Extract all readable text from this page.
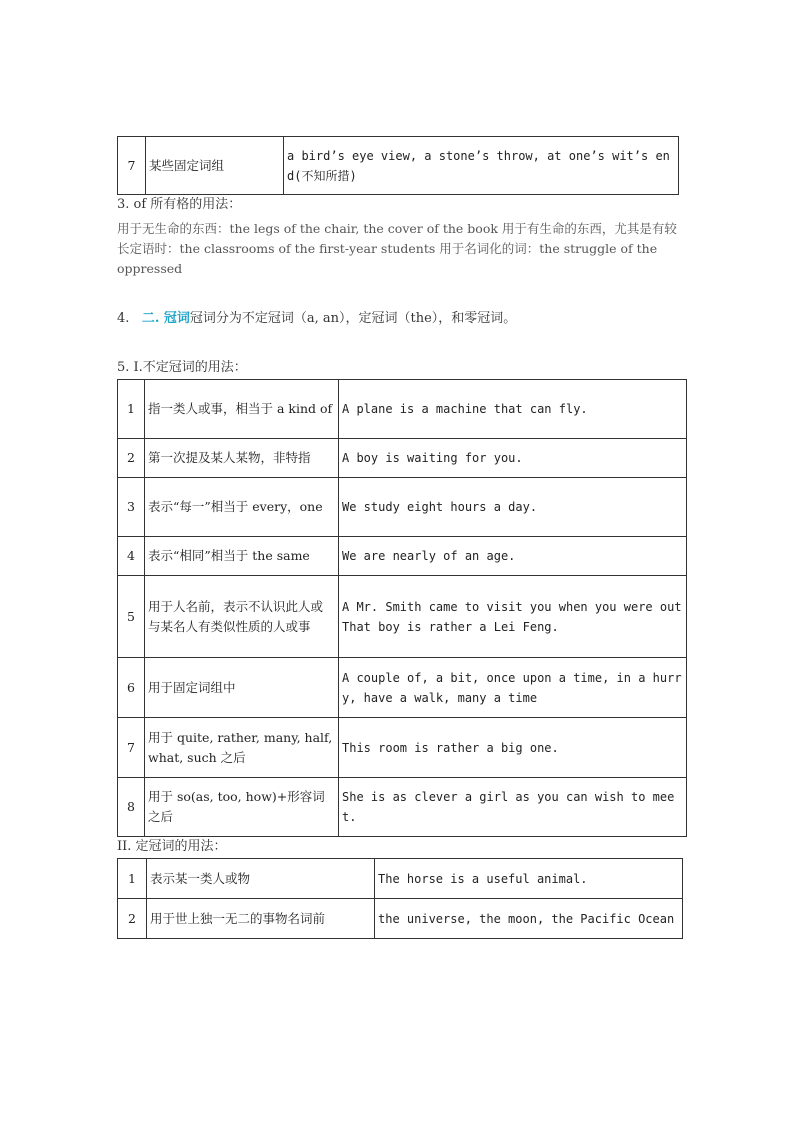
7	某些固定词组	a bird’s eye view, a stone’s throw, at one’s wit’s end(不知所措)
3. of 所有格的用法：
用于无生命的东西：the legs of the chair, the cover of the book 用于有生命的东西，尤其是有较长定语时：the classrooms of the first-year students 用于名词化的词：the struggle of the oppressed
4. 二. 冠词冠词分为不定冠词（a, an），定冠词（the），和零冠词。
5. I.不定冠词的用法：
1	指一类人或事，相当于 a kind of	A plane is a machine that can fly.
2	第一次提及某人某物，非特指	A boy is waiting for you.
3	表示“每一”相当于 every，one	We study eight hours a day.
4	表示“相同”相当于 the same	We are nearly of an age.
5	用于人名前，表示不认识此人或与某名人有类似性质的人或事	A Mr. Smith came to visit you when you were out That boy is rather a Lei Feng.
6	用于固定词组中	A couple of, a bit, once upon a time, in a hurry, have a walk, many a time
7	用于 quite, rather, many, half, what, such 之后	This room is rather a big one.
8	用于 so(as, too, how)+形容词之后	She is as clever a girl as you can wish to meet.
II. 定冠词的用法：
1	表示某一类人或物	The horse is a useful animal.
2	用于世上独一无二的事物名词前	the universe, the moon, the Pacific Ocean
